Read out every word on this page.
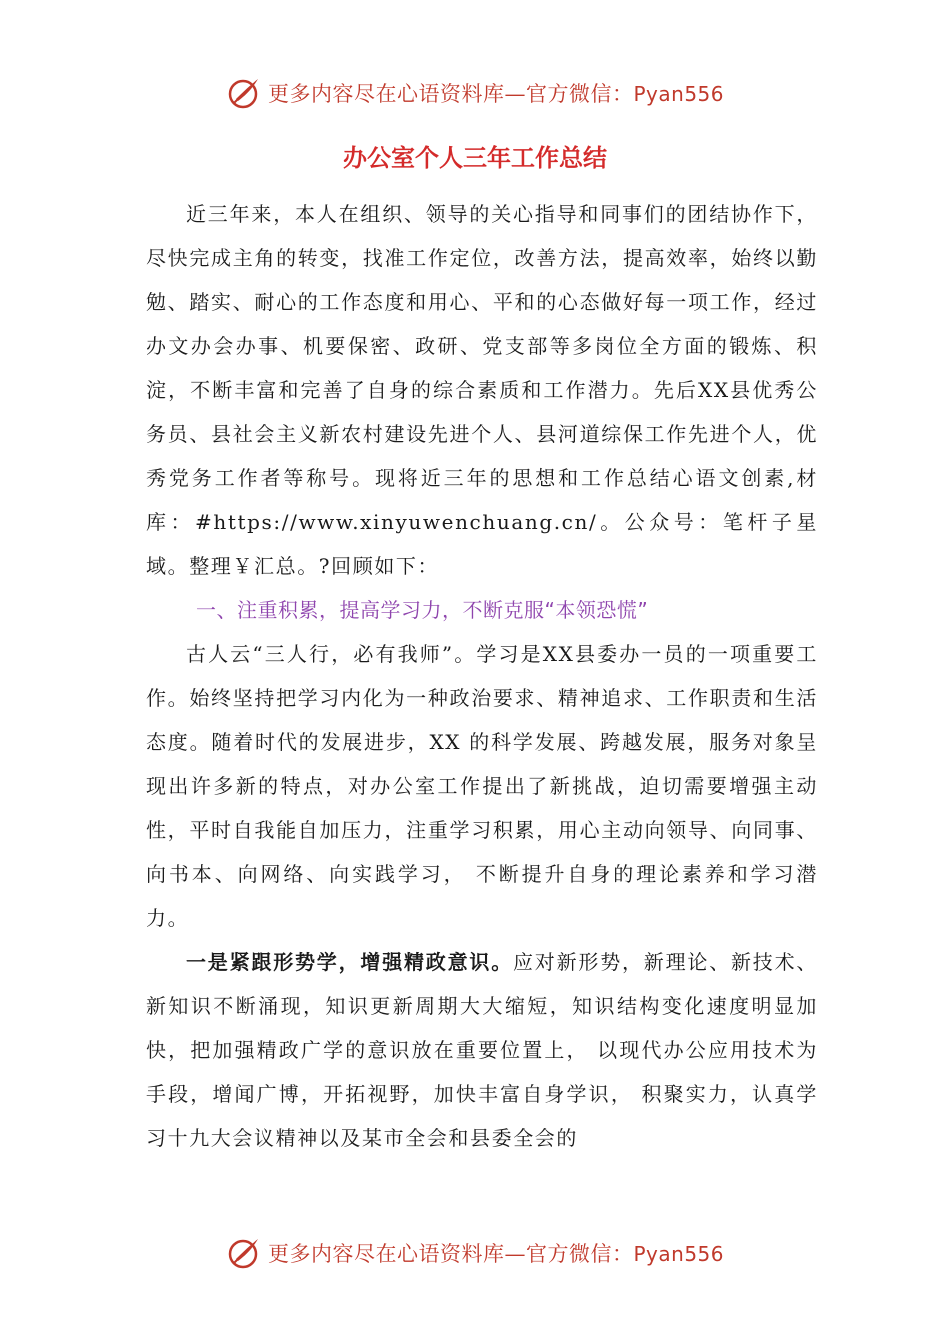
更多内容尽在心语资料库—官方微信：Pyan556
办公室个人三年工作总结

近三年来，本人在组织、领导的关心指导和同事们的团结协作下，尽快完成主角的转变，找准工作定位，改善方法，提高效率，始终以勤勉、踏实、耐心的工作态度和用心、平和的心态做好每一项工作，经过办文办会办事、机要保密、政研、党支部等多岗位全方面的锻炼、积淀，不断丰富和完善了自身的综合素质和工作潜力。先后XX县优秀公务员、县社会主义新农村建设先进个人、县河道综保工作先进个人，优秀党务工作者等称号。现将近三年的思想和工作总结心语文创素,材库：#https://www.xinyuwenchuang.cn/。公众号：笔杆子星域。整理￥汇总。?回顾如下：

一、注重积累，提高学习力，不断克服“本领恐慌”

古人云“三人行，必有我师”。学习是XX县委办一员的一项重要工作。始终坚持把学习内化为一种政治要求、精神追求、工作职责和生活态度。随着时代的发展进步，XX 的科学发展、跨越发展，服务对象呈现出许多新的特点，对办公室工作提出了新挑战，迫切需要增强主动性，平时自我能自加压力，注重学习积累，用心主动向领导、向同事、向书本、向网络、向实践学习， 不断提升自身的理论素养和学习潜力。

一是紧跟形势学，增强精政意识。应对新形势，新理论、新技术、新知识不断涌现，知识更新周期大大缩短，知识结构变化速度明显加快，把加强精政广学的意识放在重要位置上， 以现代办公应用技术为手段，增闻广博，开拓视野，加快丰富自身学识， 积聚实力，认真学习十九大会议精神以及某市全会和县委全会的

更多内容尽在心语资料库—官方微信：Pyan556
